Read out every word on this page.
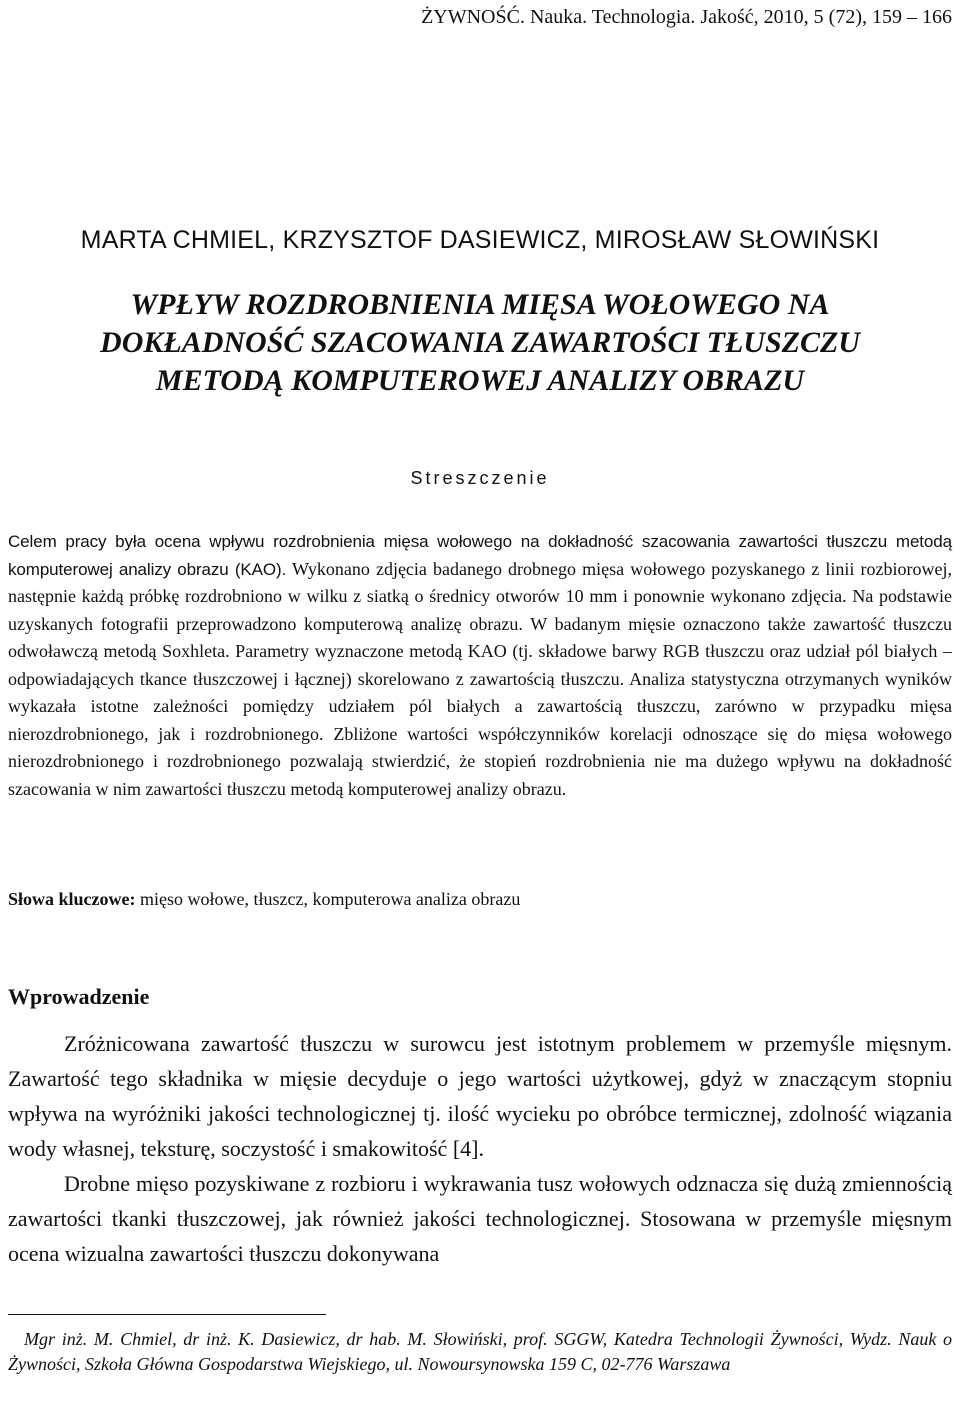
ŻYWNOŚĆ. Nauka. Technologia. Jakość, 2010, 5 (72), 159 – 166
MARTA CHMIEL, KRZYSZTOF DASIEWICZ, MIROSŁAW SŁOWIŃSKI
WPŁYW ROZDROBNIENIA MIĘSA WOŁOWEGO NA
DOKŁADNOŚĆ SZACOWANIA ZAWARTOŚCI TŁUSZCZU
METODĄ KOMPUTEROWEJ ANALIZY OBRAZU
Streszczenie
Celem pracy była ocena wpływu rozdrobnienia mięsa wołowego na dokładność szacowania zawartości tłuszczu metodą komputerowej analizy obrazu (KAO). Wykonano zdjęcia badanego drobnego mięsa wołowego pozyskanego z linii rozbiorowej, następnie każdą próbkę rozdrobniono w wilku z siatką o średnicy otworów 10 mm i ponownie wykonano zdjęcia. Na podstawie uzyskanych fotografii przeprowadzono komputerową analizę obrazu. W badanym mięsie oznaczono także zawartość tłuszczu odwoławczą metodą Soxhleta. Parametry wyznaczone metodą KAO (tj. składowe barwy RGB tłuszczu oraz udział pól białych – odpowiadających tkance tłuszczowej i łącznej) skorelowano z zawartością tłuszczu. Analiza statystyczna otrzymanych wyników wykazała istotne zależności pomiędzy udziałem pól białych a zawartością tłuszczu, zarówno w przypadku mięsa nierozdrobnionego, jak i rozdrobnionego. Zbliżone wartości współczynników korelacji odnoszące się do mięsa wołowego nierozdrobnionego i rozdrobnionego pozwalają stwierdzić, że stopień rozdrobnienia nie ma dużego wpływu na dokładność szacowania w nim zawartości tłuszczu metodą komputerowej analizy obrazu.
Słowa kluczowe: mięso wołowe, tłuszcz, komputerowa analiza obrazu
Wprowadzenie

Zróżnicowana zawartość tłuszczu w surowcu jest istotnym problemem w przemyśle mięsnym. Zawartość tego składnika w mięsie decyduje o jego wartości użytkowej, gdyż w znaczącym stopniu wpływa na wyróżniki jakości technologicznej tj. ilość wycieku po obróbce termicznej, zdolność wiązania wody własnej, teksturę, soczystość i smakowitość [4].

Drobne mięso pozyskiwane z rozbioru i wykrawania tusz wołowych odznacza się dużą zmiennością zawartości tkanki tłuszczowej, jak również jakości technologicznej. Stosowana w przemyśle mięsnym ocena wizualna zawartości tłuszczu dokonywana

Mgr inż. M. Chmiel, dr inż. K. Dasiewicz, dr hab. M. Słowiński, prof. SGGW, Katedra Technologii Żywności, Wydz. Nauk o Żywności, Szkoła Główna Gospodarstwa Wiejskiego, ul. Nowoursynowska 159 C, 02-776 Warszawa
